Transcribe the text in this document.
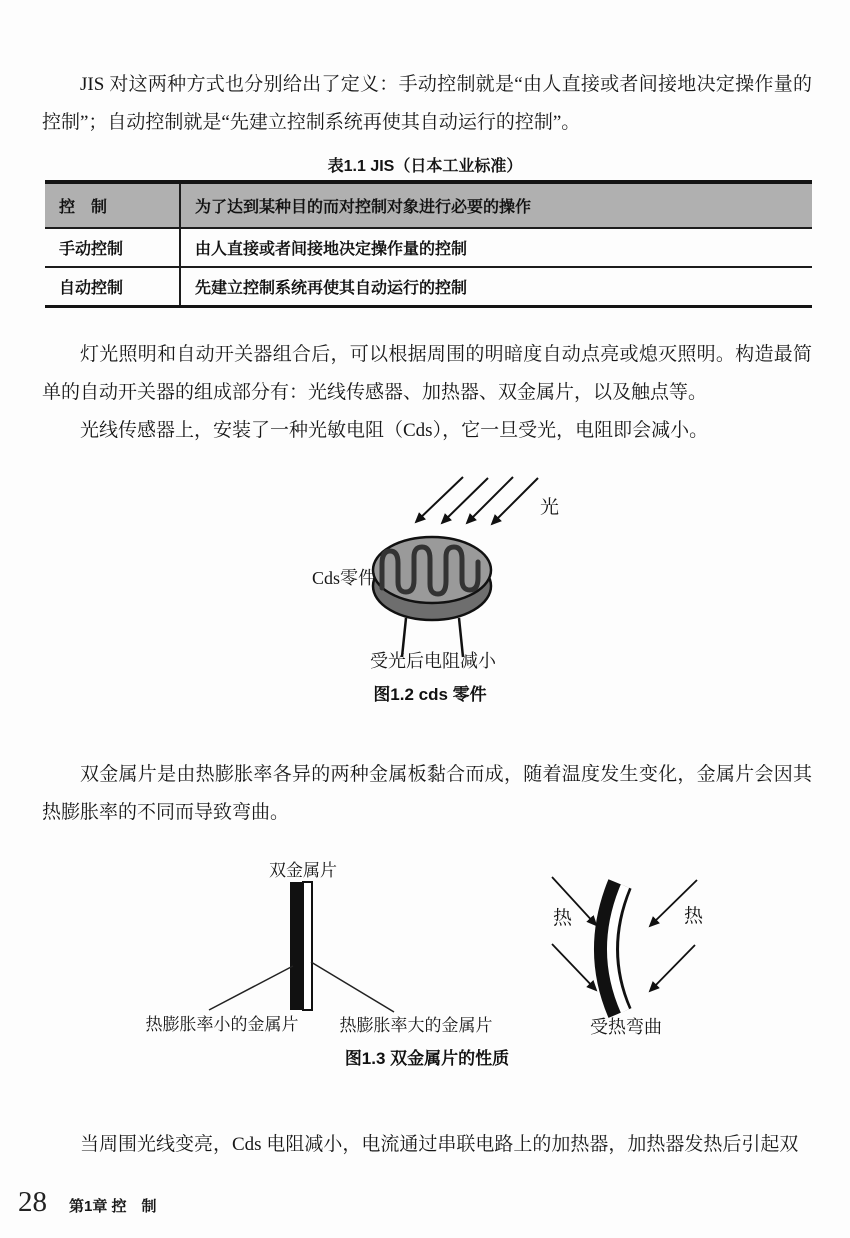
JIS 对这两种方式也分别给出了定义：手动控制就是“由人直接或者间接地决定操作量的控制”；自动控制就是“先建立控制系统再使其自动运行的控制”。
表1.1 JIS（日本工业标准）
控　制	为了达到某种目的而对控制对象进行必要的操作
手动控制	由人直接或者间接地决定操作量的控制
自动控制	先建立控制系统再使其自动运行的控制
灯光照明和自动开关器组合后，可以根据周围的明暗度自动点亮或熄灭照明。构造最简单的自动开关器的组成部分有：光线传感器、加热器、双金属片，以及触点等。
光线传感器上，安装了一种光敏电阻（Cds），它一旦受光，电阻即会减小。
光
Cds零件
受光后电阻减小
图1.2 cds 零件
双金属片是由热膨胀率各异的两种金属板黏合而成，随着温度发生变化，金属片会因其热膨胀率的不同而导致弯曲。
双金属片
热膨胀率小的金属片 热膨胀率大的金属片
图1.3 双金属片的性质
热	热
受热弯曲
当周围光线变亮，Cds 电阻减小，电流通过串联电路上的加热器，加热器发热后引起双
28 第1章 控　制
